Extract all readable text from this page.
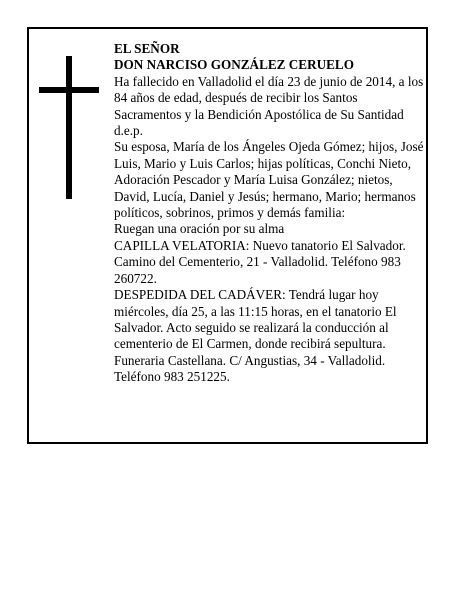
EL SEÑOR

DON NARCISO GONZÁLEZ CERUELO

Ha fallecido en Valladolid el día 23 de junio de 2014, a los 84 años de edad, después de recibir los Santos Sacramentos y la Bendición Apostólica de Su Santidad

d.e.p.

Su esposa, María de los Ángeles Ojeda Gómez; hijos, José Luis, Mario y Luis Carlos; hijas políticas, Conchi Nieto, Adoración Pescador y María Luisa González; nietos, David, Lucía, Daniel y Jesús; hermano, Mario; hermanos políticos, sobrinos, primos y demás familia:

Ruegan una oración por su alma

CAPILLA VELATORIA: Nuevo tanatorio El Salvador. Camino del Cementerio, 21 - Valladolid. Teléfono 983 260722.

DESPEDIDA DEL CADÁVER: Tendrá lugar hoy miércoles, día 25, a las 11:15 horas, en el tanatorio El Salvador. Acto seguido se realizará la conducción al cementerio de El Carmen, donde recibirá sepultura.

Funeraria Castellana. C/ Angustias, 34 - Valladolid. Teléfono 983 251225.
